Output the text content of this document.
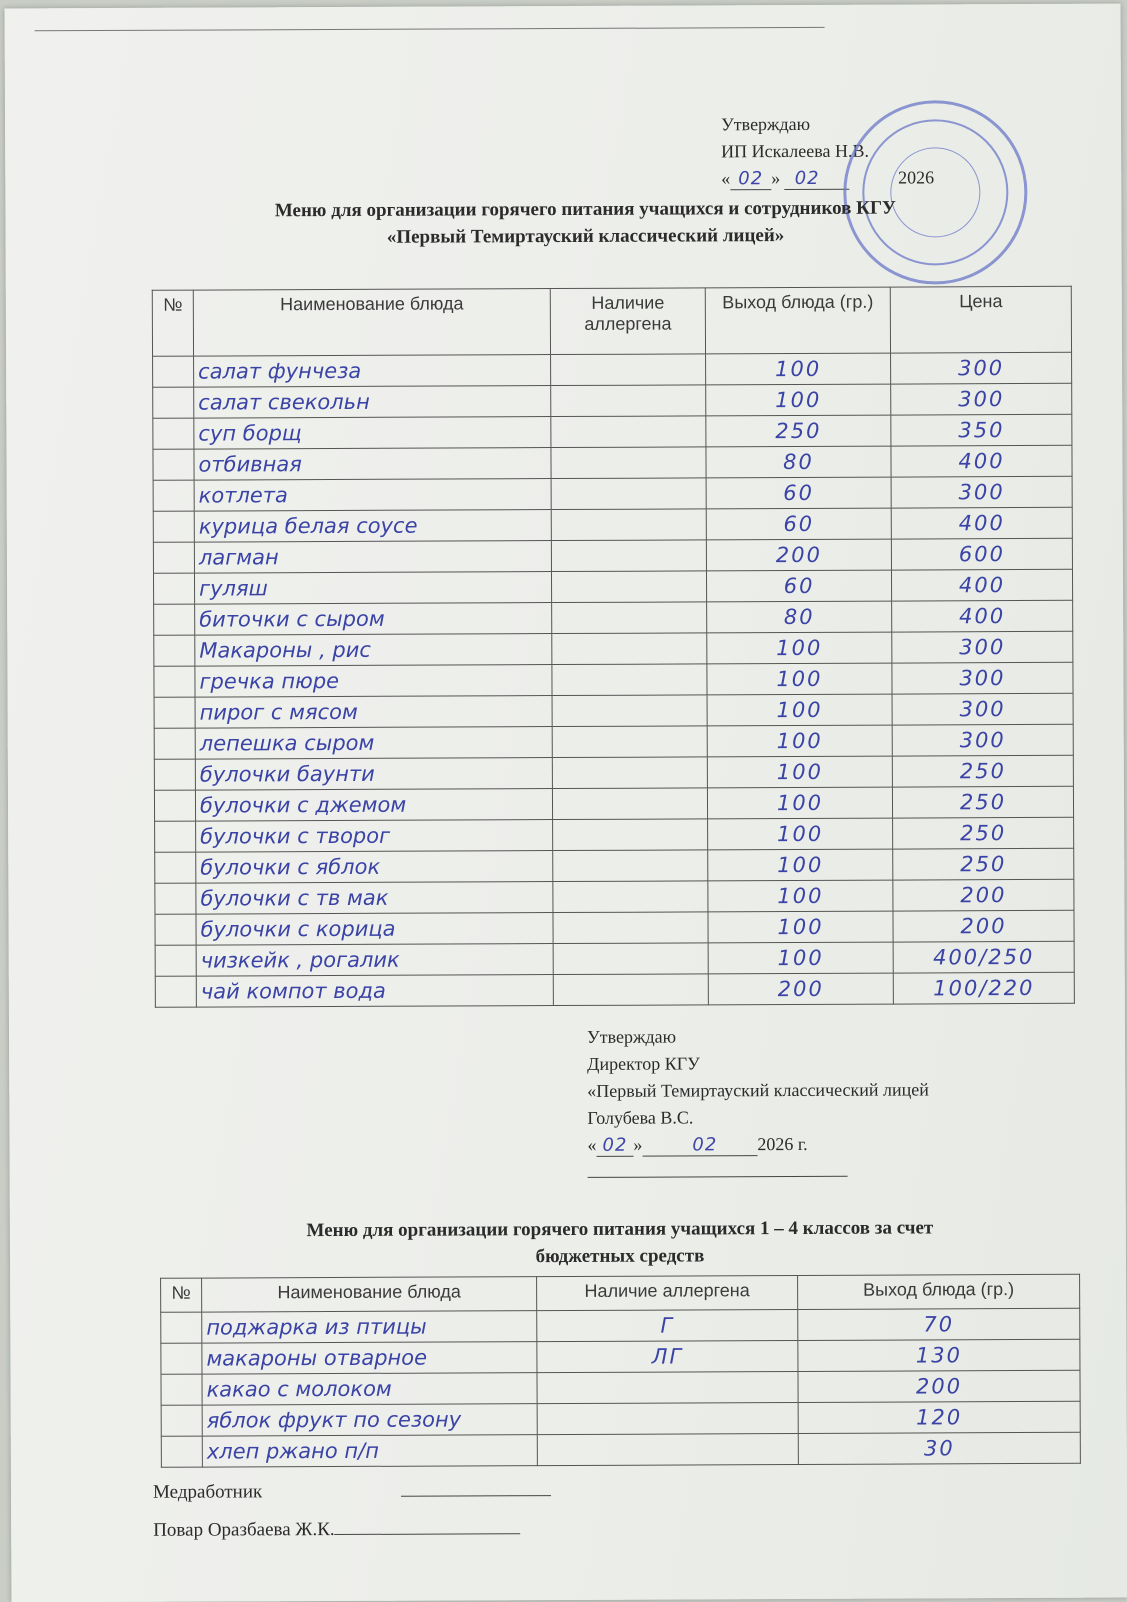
Утверждаю
ИП Искалеева Н.В.
« 02 » 02	2026
Меню для организации горячего питания учащихся и сотрудников КГУ
«Первый Темиртауский классический лицей»
№	Наименование блюда	Наличие аллергена	Выход блюда (гр.)	Цена
	салат фунчеза		100	300
	салат свекольн		100	300
	суп борщ		250	350
	отбивная		80	400
	котлета		60	300
	курица белая соусе		60	400
	лагман		200	600
	гуляш		60	400
	биточки с сыром		80	400
	Макароны , рис		100	300
	гречка пюре		100	300
	пирог с мясом		100	300
	лепешка сыром		100	300
	булочки баунти		100	250
	булочки с джемом		100	250
	булочки с творог		100	250
	булочки с яблок		100	250
	булочки с тв мак		100	200
	булочки с корица		100	200
	чизкейк , рогалик		100	400/250
	чай компот вода		200	100/220
Утверждаю
Директор КГУ
«Первый Темиртауский классический лицей
Голубева В.С.
« 02 »	02 2026 г.
Меню для организации горячего питания учащихся 1 – 4 классов за счет
бюджетных средств
№	Наименование блюда	Наличие аллергена	Выход блюда (гр.)
	поджарка из птицы	Г	70
	макароны отварное	ЛГ	130
	какао с молоком		200
	яблок фрукт по сезону		120
	хлеп ржано п/п		30
Медработник
Повар Оразбаева Ж.К.
